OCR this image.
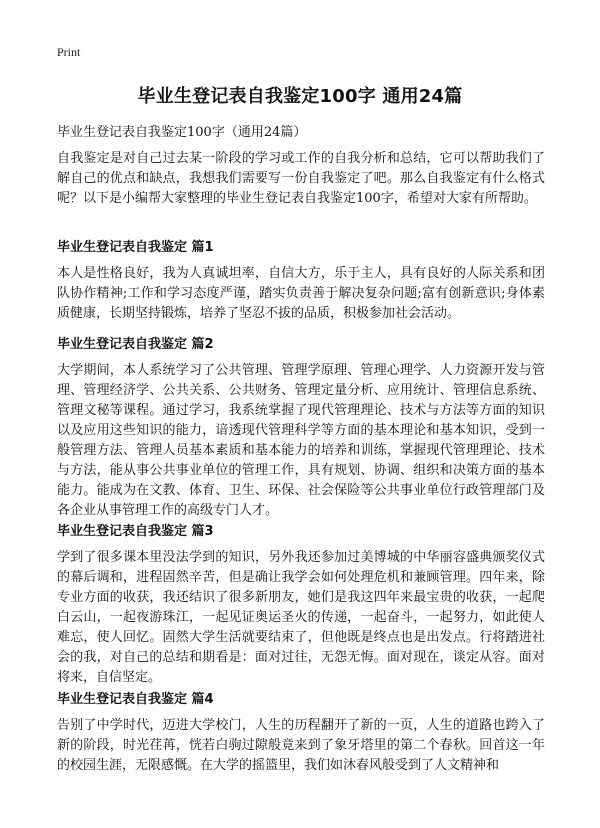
Print
毕业生登记表自我鉴定100字 通用24篇
毕业生登记表自我鉴定100字（通用24篇）
自我鉴定是对自己过去某一阶段的学习或工作的自我分析和总结，它可以帮助我们了解自己的优点和缺点，我想我们需要写一份自我鉴定了吧。那么自我鉴定有什么格式呢？以下是小编帮大家整理的毕业生登记表自我鉴定100字，希望对大家有所帮助。
毕业生登记表自我鉴定 篇1
本人是性格良好，我为人真诚坦率，自信大方，乐于主人，具有良好的人际关系和团队协作精神;工作和学习态度严谨，踏实负责善于解决复杂问题;富有创新意识;身体素质健康，长期坚持锻炼，培养了坚忍不拔的品质，积极参加社会活动。
毕业生登记表自我鉴定 篇2
大学期间，本人系统学习了公共管理、管理学原理、管理心理学、人力资源开发与管理、管理经济学、公共关系、公共财务、管理定量分析、应用统计、管理信息系统、管理文秘等课程。通过学习，我系统掌握了现代管理理论、技术与方法等方面的知识以及应用这些知识的能力，谙透现代管理科学等方面的基本理论和基本知识，受到一般管理方法、管理人员基本素质和基本能力的培养和训练，掌握现代管理理论、技术与方法，能从事公共事业单位的管理工作，具有规划、协调、组织和决策方面的基本能力。能成为在文教、体育、卫生、环保、社会保险等公共事业单位行政管理部门及各企业从事管理工作的高级专门人才。
毕业生登记表自我鉴定 篇3
学到了很多课本里没法学到的知识，另外我还参加过美博城的中华丽容盛典颁奖仪式的幕后调和，进程固然辛苦，但是确让我学会如何处理危机和兼顾管理。四年来，除专业方面的收获，我还结识了很多新朋友，她们是我这四年来最宝贵的收获，一起爬白云山，一起夜游珠江，一起见证奥运圣火的传递，一起奋斗，一起努力，如此使人难忘，使人回忆。固然大学生活就要结束了，但他既是终点也是出发点。行将踏进社会的我，对自己的总结和期看是：面对过往，无怨无悔。面对现在，谈定从容。面对将来，自信坚定。
毕业生登记表自我鉴定 篇4
告别了中学时代，迈进大学校门，人生的历程翻开了新的一页，人生的道路也跨入了新的阶段，时光荏苒，恍若白驹过隙般竟来到了象牙塔里的第二个春秋。回首这一年的校园生涯，无限感慨。在大学的摇篮里，我们如沐春风般受到了人文精神和
